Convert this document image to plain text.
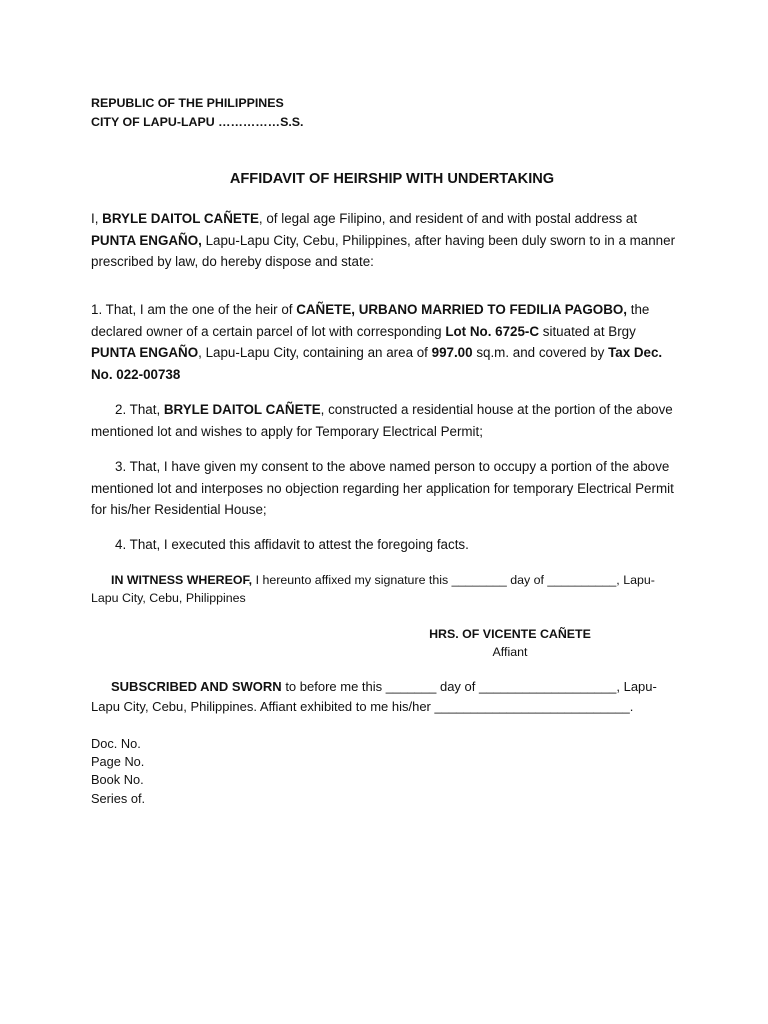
REPUBLIC OF THE PHILIPPINES
CITY OF LAPU-LAPU ……………S.S.
AFFIDAVIT OF HEIRSHIP WITH UNDERTAKING
I, BRYLE DAITOL CAÑETE, of legal age Filipino, and resident of and with postal address at PUNTA ENGAÑO, Lapu-Lapu City, Cebu, Philippines, after having been duly sworn to in a manner prescribed by law, do hereby dispose and state:
1. That, I am the one of the heir of CAÑETE, URBANO MARRIED TO FEDILIA PAGOBO, the declared owner of a certain parcel of lot with corresponding Lot No. 6725-C situated at Brgy PUNTA ENGAÑO, Lapu-Lapu City, containing an area of 997.00 sq.m. and covered by Tax Dec. No. 022-00738
2. That, BRYLE DAITOL CAÑETE, constructed a residential house at the portion of the above mentioned lot and wishes to apply for Temporary Electrical Permit;
3. That, I have given my consent to the above named person to occupy a portion of the above mentioned lot and interposes no objection regarding her application for temporary Electrical Permit for his/her Residential House;
4. That, I executed this affidavit to attest the foregoing facts.
IN WITNESS WHEREOF, I hereunto affixed my signature this ________ day of __________, Lapu-Lapu City, Cebu, Philippines
HRS. OF VICENTE CAÑETE
Affiant
SUBSCRIBED AND SWORN to before me this _______ day of ___________________, Lapu-Lapu City, Cebu, Philippines. Affiant exhibited to me his/her ___________________________.
Doc. No.
Page No.
Book No.
Series of.
